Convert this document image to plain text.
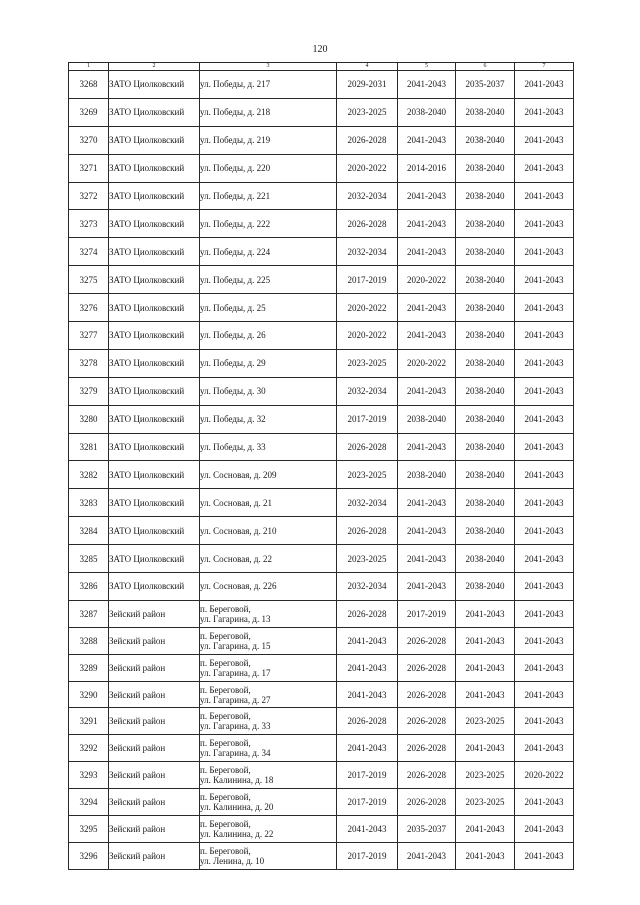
120
1	2	3	4	5	6	7
3268	ЗАТО Циолковский	ул. Победы, д. 217	2029-2031	2041-2043	2035-2037	2041-2043
3269	ЗАТО Циолковский	ул. Победы, д. 218	2023-2025	2038-2040	2038-2040	2041-2043
3270	ЗАТО Циолковский	ул. Победы, д. 219	2026-2028	2041-2043	2038-2040	2041-2043
3271	ЗАТО Циолковский	ул. Победы, д. 220	2020-2022	2014-2016	2038-2040	2041-2043
3272	ЗАТО Циолковский	ул. Победы, д. 221	2032-2034	2041-2043	2038-2040	2041-2043
3273	ЗАТО Циолковский	ул. Победы, д. 222	2026-2028	2041-2043	2038-2040	2041-2043
3274	ЗАТО Циолковский	ул. Победы, д. 224	2032-2034	2041-2043	2038-2040	2041-2043
3275	ЗАТО Циолковский	ул. Победы, д. 225	2017-2019	2020-2022	2038-2040	2041-2043
3276	ЗАТО Циолковский	ул. Победы, д. 25	2020-2022	2041-2043	2038-2040	2041-2043
3277	ЗАТО Циолковский	ул. Победы, д. 26	2020-2022	2041-2043	2038-2040	2041-2043
3278	ЗАТО Циолковский	ул. Победы, д. 29	2023-2025	2020-2022	2038-2040	2041-2043
3279	ЗАТО Циолковский	ул. Победы, д. 30	2032-2034	2041-2043	2038-2040	2041-2043
3280	ЗАТО Циолковский	ул. Победы, д. 32	2017-2019	2038-2040	2038-2040	2041-2043
3281	ЗАТО Циолковский	ул. Победы, д. 33	2026-2028	2041-2043	2038-2040	2041-2043
3282	ЗАТО Циолковский	ул. Сосновая, д. 209	2023-2025	2038-2040	2038-2040	2041-2043
3283	ЗАТО Циолковский	ул. Сосновая, д. 21	2032-2034	2041-2043	2038-2040	2041-2043
3284	ЗАТО Циолковский	ул. Сосновая, д. 210	2026-2028	2041-2043	2038-2040	2041-2043
3285	ЗАТО Циолковский	ул. Сосновая, д. 22	2023-2025	2041-2043	2038-2040	2041-2043
3286	ЗАТО Циолковский	ул. Сосновая, д. 226	2032-2034	2041-2043	2038-2040	2041-2043
3287	Зейский район	п. Береговой,
ул. Гагарина, д. 13	2026-2028	2017-2019	2041-2043	2041-2043
3288	Зейский район	п. Береговой,
ул. Гагарина, д. 15	2041-2043	2026-2028	2041-2043	2041-2043
3289	Зейский район	п. Береговой,
ул. Гагарина, д. 17	2041-2043	2026-2028	2041-2043	2041-2043
3290	Зейский район	п. Береговой,
ул. Гагарина, д. 27	2041-2043	2026-2028	2041-2043	2041-2043
3291	Зейский район	п. Береговой,
ул. Гагарина, д. 33	2026-2028	2026-2028	2023-2025	2041-2043
3292	Зейский район	п. Береговой,
ул. Гагарина, д. 34	2041-2043	2026-2028	2041-2043	2041-2043
3293	Зейский район	п. Береговой,
ул. Калинина, д. 18	2017-2019	2026-2028	2023-2025	2020-2022
3294	Зейский район	п. Береговой,
ул. Калинина, д. 20	2017-2019	2026-2028	2023-2025	2041-2043
3295	Зейский район	п. Береговой,
ул. Калинина, д. 22	2041-2043	2035-2037	2041-2043	2041-2043
3296	Зейский район	п. Береговой,
ул. Ленина, д. 10	2017-2019	2041-2043	2041-2043	2041-2043
